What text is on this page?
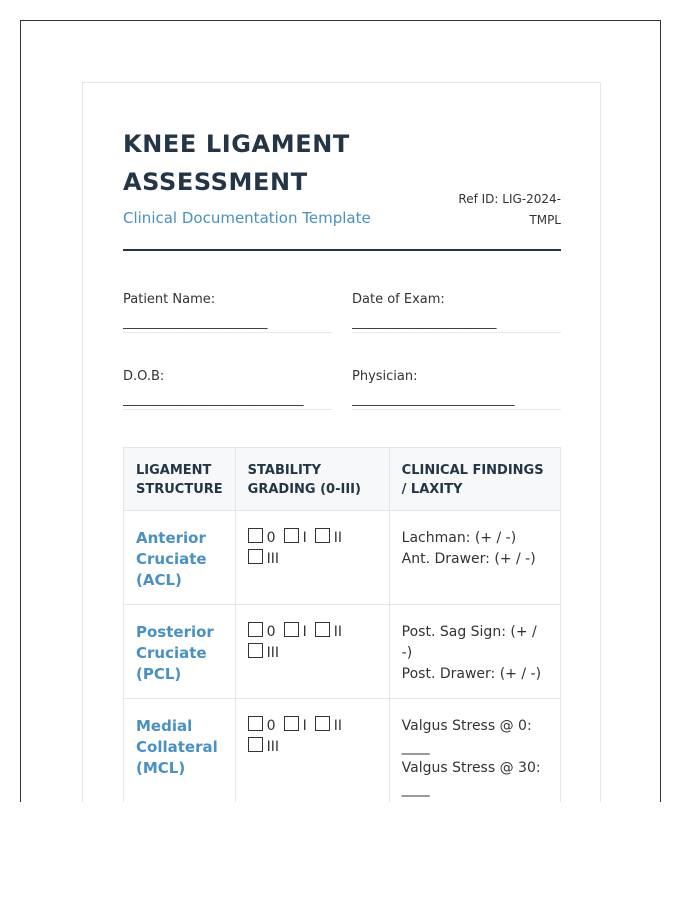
KNEE LIGAMENT ASSESSMENT
Clinical Documentation Template
Ref ID: LIG-2024-TMPL
Patient Name:
________________________
Date of Exam:
________________________
D.O.B:
______________________________
Physician:
___________________________
LIGAMENT STRUCTURE	STABILITY GRADING (0-III)	CLINICAL FINDINGS / LAXITY
Anterior Cruciate (ACL)	0 I IIIII	Lachman: (+ / -)
Ant. Drawer: (+ / -)

Posterior Cruciate (PCL)	0 I IIIII	Post. Sag Sign: (+ / -)
Post. Drawer: (+ / -)

Medial Collateral (MCL)	0 I IIIII	Valgus Stress @ 0: ____
Valgus Stress @ 30: ____
